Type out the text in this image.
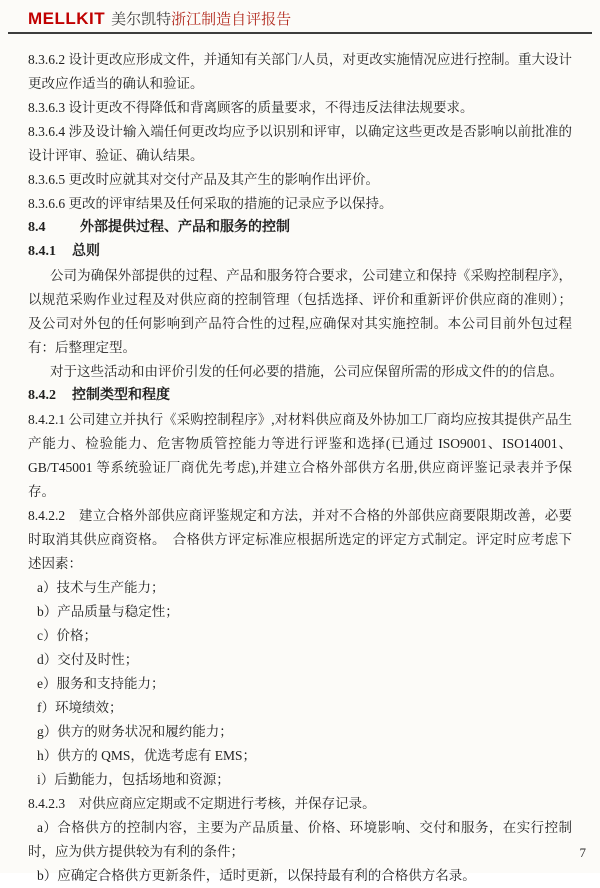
MELLKIT 美尔凯特浙江制造自评报告

8.3.6.2 设计更改应形成文件，并通知有关部门/人员，对更改实施情况应进行控制。重大设计更改应作适当的确认和验证。

8.3.6.3 设计更改不得降低和背离顾客的质量要求，不得违反法律法规要求。

8.3.6.4 涉及设计输入端任何更改均应予以识别和评审，以确定这些更改是否影响以前批准的设计评审、验证、确认结果。

8.3.6.5 更改时应就其对交付产品及其产生的影响作出评价。

8.3.6.6 更改的评审结果及任何采取的措施的记录应予以保持。

8.4 外部提供过程、产品和服务的控制

8.4.1 总则

公司为确保外部提供的过程、产品和服务符合要求，公司建立和保持《采购控制程序》，以规范采购作业过程及对供应商的控制管理（包括选择、评价和重新评价供应商的准则）；及公司对外包的任何影响到产品符合性的过程,应确保对其实施控制。本公司目前外包过程有：后整理定型。

对于这些活动和由评价引发的任何必要的措施，公司应保留所需的形成文件的的信息。

8.4.2 控制类型和程度

8.4.2.1 公司建立并执行《采购控制程序》,对材料供应商及外协加工厂商均应按其提供产品生产能力、检验能力、危害物质管控能力等进行评鉴和选择(已通过 ISO9001、ISO14001、GB/T45001 等系统验证厂商优先考虑),并建立合格外部供方名册,供应商评鉴记录表并予保存。

8.4.2.2　建立合格外部供应商评鉴规定和方法，并对不合格的外部供应商要限期改善，必要时取消其供应商资格。　合格供方评定标准应根据所选定的评定方式制定。评定时应考虑下述因素：

a）技术与生产能力；

b）产品质量与稳定性；

c）价格；

d）交付及时性；

e）服务和支持能力；

f）环境绩效；

g）供方的财务状况和履约能力；

h）供方的 QMS，优选考虑有 EMS；

i）后勤能力，包括场地和资源；

8.4.2.3　对供应商应定期或不定期进行考核，并保存记录。

a）合格供方的控制内容，主要为产品质量、价格、环境影响、交付和服务，在实行控制时，应为供方提供较为有利的条件；

b）应确定合格供方更新条件，适时更新，以保持最有利的合格供方名录。

7
